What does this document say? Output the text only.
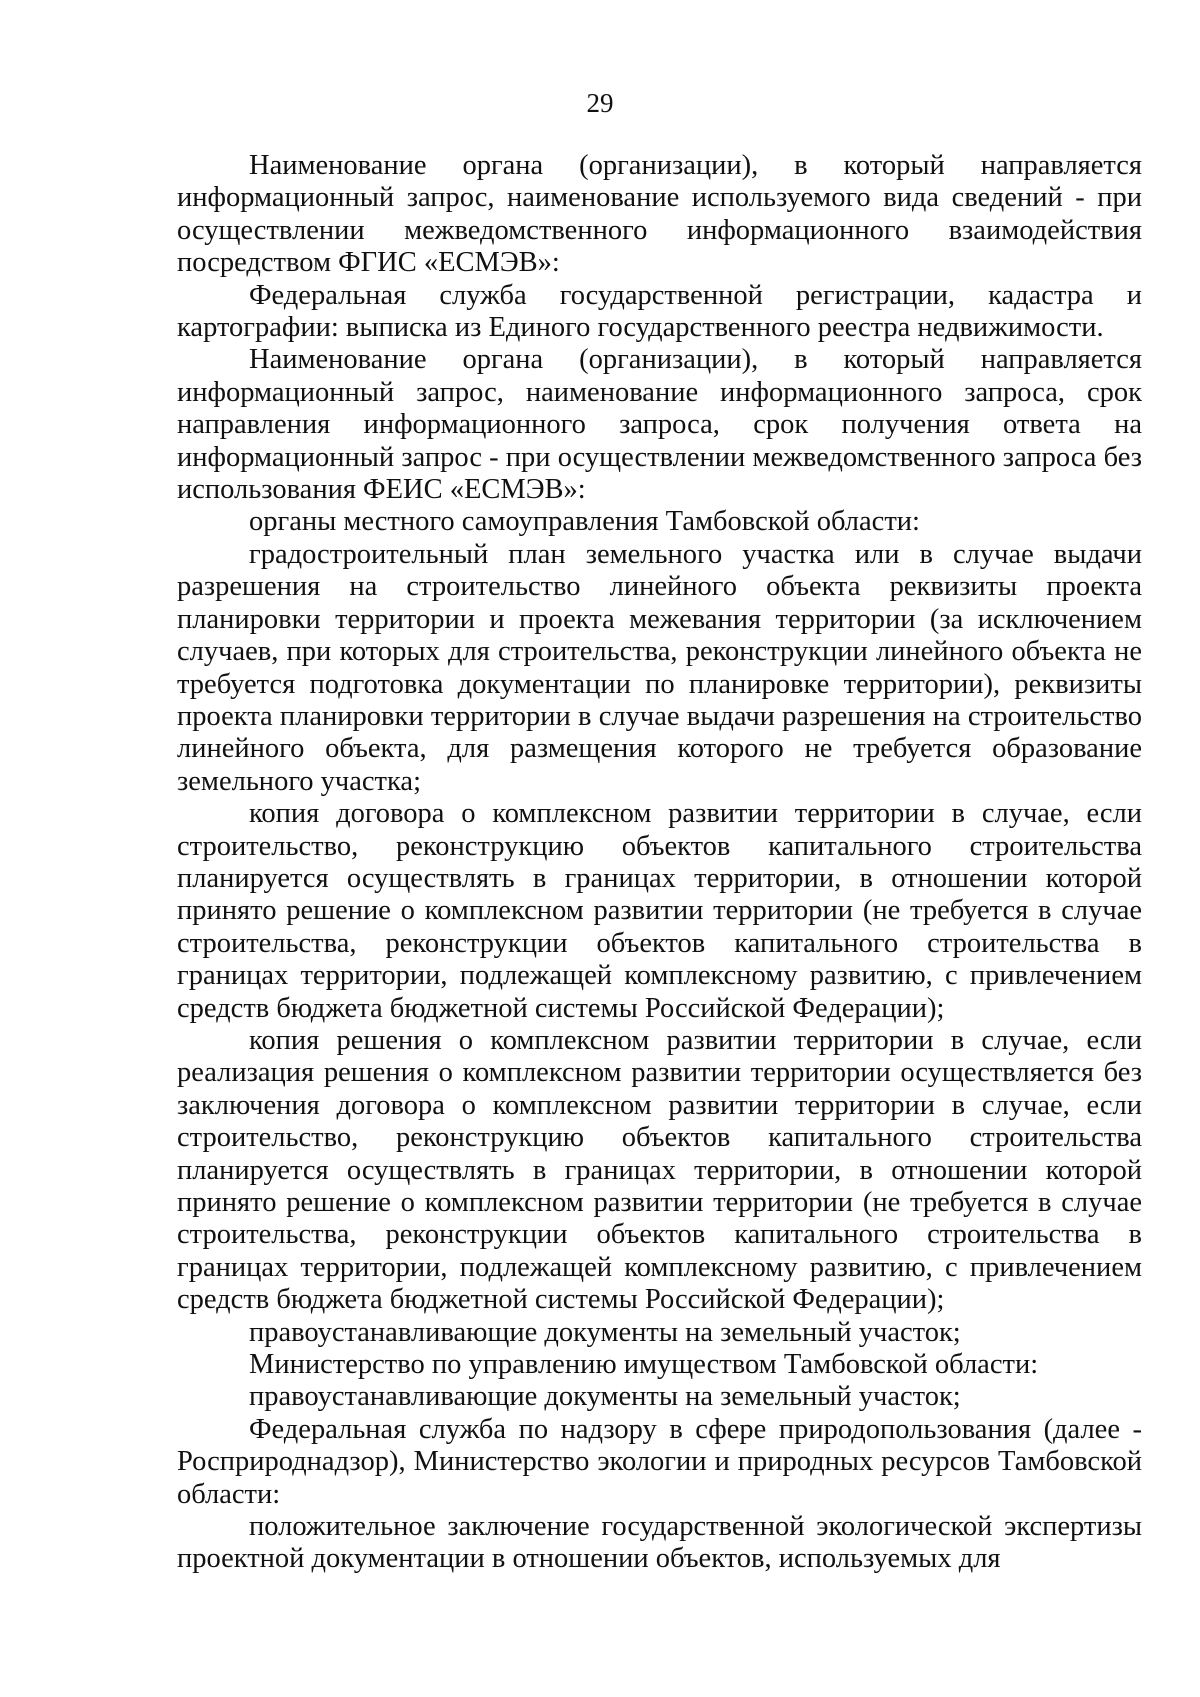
29

Наименование органа (организации), в который направляется информационный запрос, наименование используемого вида сведений - при осуществлении межведомственного информационного взаимодействия посредством ФГИС «ЕСМЭВ»:

Федеральная служба государственной регистрации, кадастра и картографии: выписка из Единого государственного реестра недвижимости.

Наименование органа (организации), в который направляется информационный запрос, наименование информационного запроса, срок направления информационного запроса, срок получения ответа на информационный запрос - при осуществлении межведомственного запроса без использования ФЕИС «ЕСМЭВ»:

органы местного самоуправления Тамбовской области:

градостроительный план земельного участка или в случае выдачи разрешения на строительство линейного объекта реквизиты проекта планировки территории и проекта межевания территории (за исключением случаев, при которых для строительства, реконструкции линейного объекта не требуется подготовка документации по планировке территории), реквизиты проекта планировки территории в случае выдачи разрешения на строительство линейного объекта, для размещения которого не требуется образование земельного участка;

копия договора о комплексном развитии территории в случае, если строительство, реконструкцию объектов капитального строительства планируется осуществлять в границах территории, в отношении которой принято решение о комплексном развитии территории (не требуется в случае строительства, реконструкции объектов капитального строительства в границах территории, подлежащей комплексному развитию, с привлечением средств бюджета бюджетной системы Российской Федерации);

копия решения о комплексном развитии территории в случае, если реализация решения о комплексном развитии территории осуществляется без заключения договора о комплексном развитии территории в случае, если строительство, реконструкцию объектов капитального строительства планируется осуществлять в границах территории, в отношении которой принято решение о комплексном развитии территории (не требуется в случае строительства, реконструкции объектов капитального строительства в границах территории, подлежащей комплексному развитию, с привлечением средств бюджета бюджетной системы Российской Федерации);

правоустанавливающие документы на земельный участок;

Министерство по управлению имуществом Тамбовской области:

правоустанавливающие документы на земельный участок;

Федеральная служба по надзору в сфере природопользования (далее - Росприроднадзор), Министерство экологии и природных ресурсов Тамбовской области:

положительное заключение государственной экологической экспертизы проектной документации в отношении объектов, используемых для
